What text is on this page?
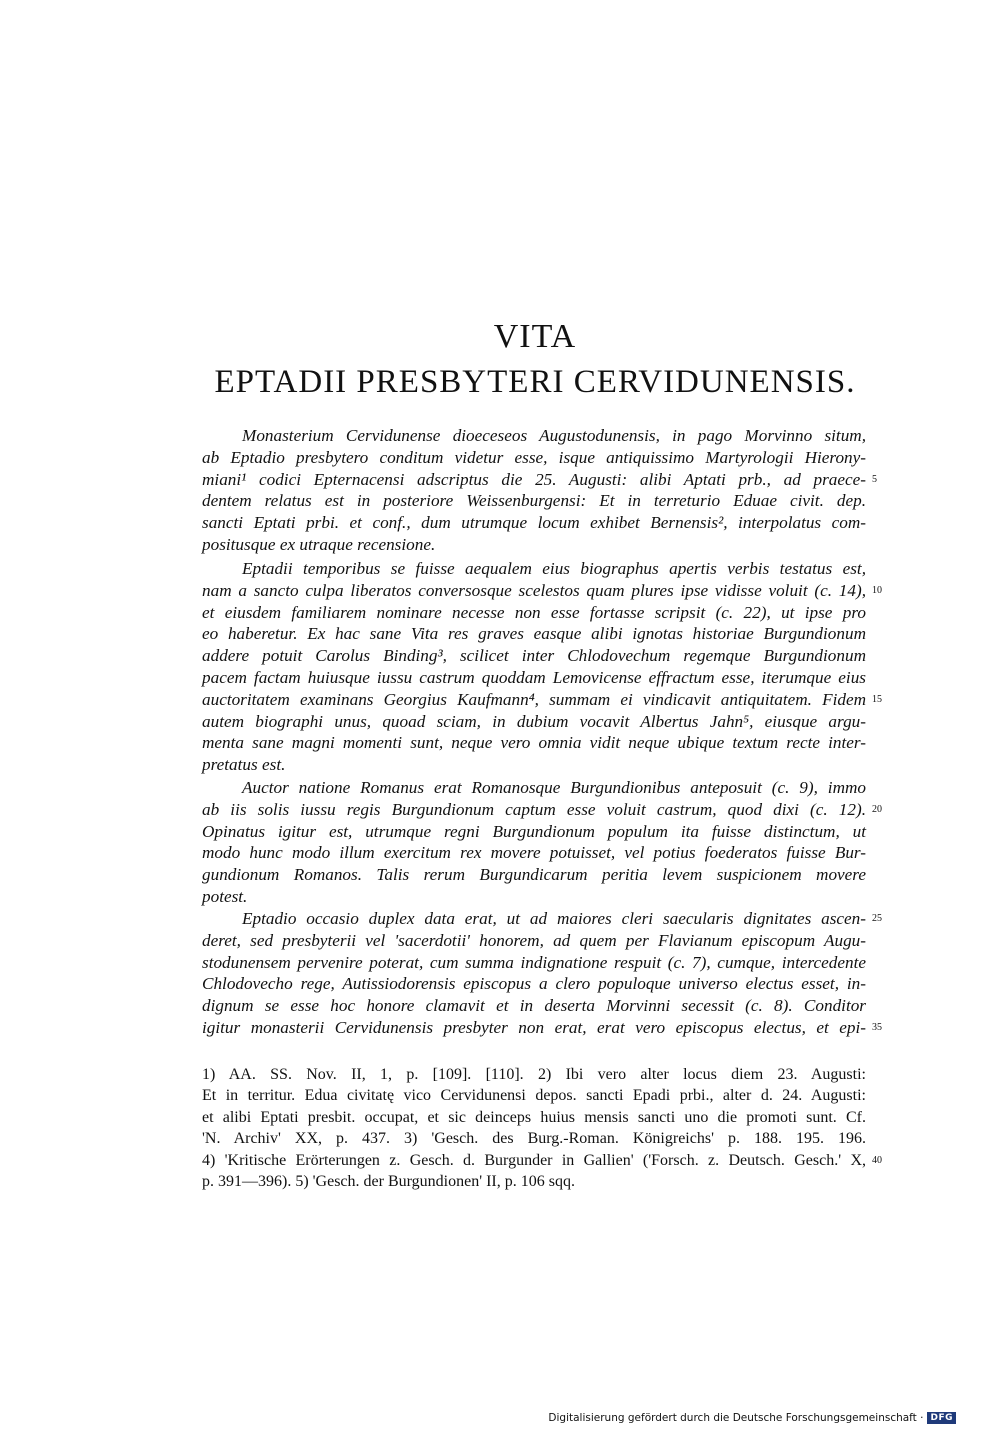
VITA
EPTADII PRESBYTERI CERVIDUNENSIS.
Monasterium Cervidunense dioeceseos Augustodunensis, in pago Morvinno situm,
ab Eptadio presbytero conditum videtur esse, isque antiquissimo Martyrologii Hierony-
miani¹ codici Epternacensi adscriptus die 25. Augusti: alibi Aptati prb., ad praece-
dentem relatus est in posteriore Weissenburgensi: Et in terreturio Eduae civit. dep.
sancti Eptati prbi. et conf., dum utrumque locum exhibet Bernensis², interpolatus com-
positusque ex utraque recensione.
Eptadii temporibus se fuisse aequalem eius biographus apertis verbis testatus est,
nam a sancto culpa liberatos conversosque scelestos quam plures ipse vidisse voluit (c. 14),
et eiusdem familiarem nominare necesse non esse fortasse scripsit (c. 22), ut ipse pro
eo haberetur. Ex hac sane Vita res graves easque alibi ignotas historiae Burgundionum
addere potuit Carolus Binding³, scilicet inter Chlodovechum regemque Burgundionum
pacem factam huiusque iussu castrum quoddam Lemovicense effractum esse, iterumque eius
auctoritatem examinans Georgius Kaufmann⁴, summam ei vindicavit antiquitatem. Fidem
autem biographi unus, quoad sciam, in dubium vocavit Albertus Jahn⁵, eiusque argu-
menta sane magni momenti sunt, neque vero omnia vidit neque ubique textum recte inter-
pretatus est.
Auctor natione Romanus erat Romanosque Burgundionibus anteposuit (c. 9), immo
ab iis solis iussu regis Burgundionum captum esse voluit castrum, quod dixi (c. 12).
Opinatus igitur est, utrumque regni Burgundionum populum ita fuisse distinctum, ut
modo hunc modo illum exercitum rex movere potuisset, vel potius foederatos fuisse Bur-
gundionum Romanos. Talis rerum Burgundicarum peritia levem suspicionem movere
potest.
Eptadio occasio duplex data erat, ut ad maiores cleri saecularis dignitates ascen-
deret, sed presbyterii vel 'sacerdotii' honorem, ad quem per Flavianum episcopum Augu-
stodunensem pervenire poterat, cum summa indignatione respuit (c. 7), cumque, intercedente
Chlodovecho rege, Autissiodorensis episcopus a clero populoque universo electus esset, in-
dignum se esse hoc honore clamavit et in deserta Morvinni secessit (c. 8). Conditor
igitur monasterii Cervidunensis presbyter non erat, erat vero episcopus electus, et epi-
5
10
15
20
25
35
1) AA. SS. Nov. II, 1, p. [109]. [110]. 2) Ibi vero alter locus diem 23. Augusti:
Et in territur. Edua civitatę vico Cervidunensi depos. sancti Epadi prbi., alter d. 24. Augusti:
et alibi Eptati presbit. occupat, et sic deinceps huius mensis sancti uno die promoti sunt. Cf.
'N. Archiv' XX, p. 437. 3) 'Gesch. des Burg.-Roman. Königreichs' p. 188. 195. 196.
4) 'Kritische Erörterungen z. Gesch. d. Burgunder in Gallien' ('Forsch. z. Deutsch. Gesch.' X,
p. 391—396). 5) 'Gesch. der Burgundionen' II, p. 106 sqq.
40
Digitalisierung gefördert durch die Deutsche Forschungsgemeinschaft · DFG
